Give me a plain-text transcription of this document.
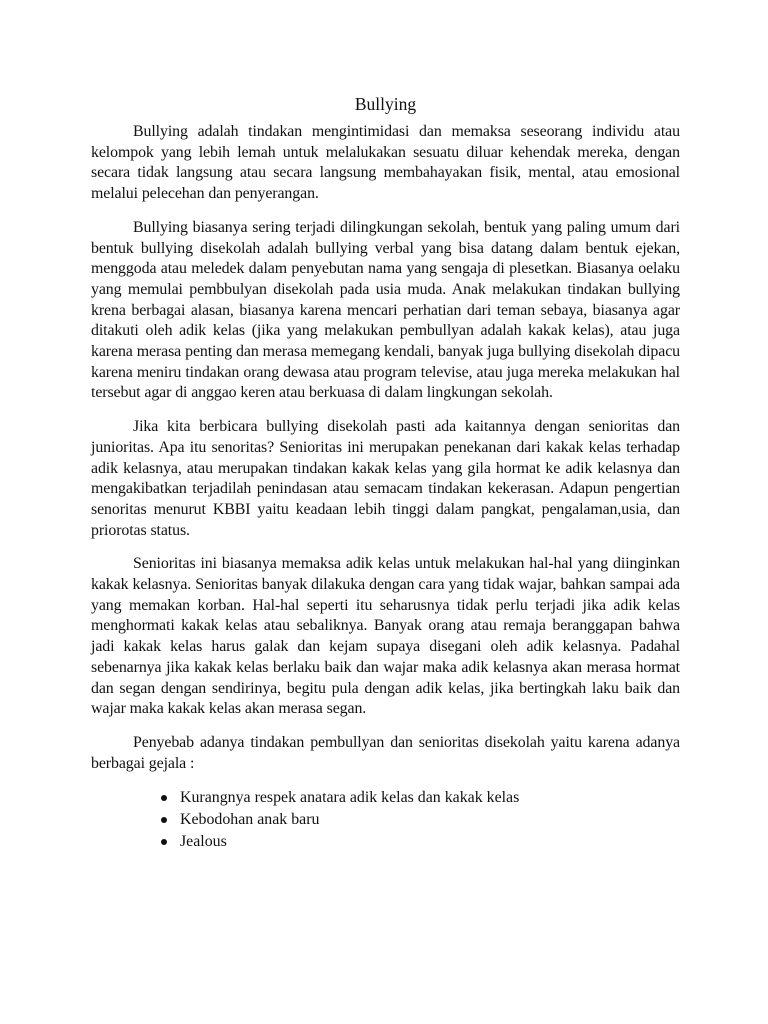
Bullying

Bullying adalah tindakan mengintimidasi dan memaksa seseorang individu atau kelompok yang lebih lemah untuk melalukakan sesuatu diluar kehendak mereka, dengan secara tidak langsung atau secara langsung membahayakan fisik, mental, atau emosional melalui pelecehan dan penyerangan.

Bullying biasanya sering terjadi dilingkungan sekolah, bentuk yang paling umum dari bentuk bullying disekolah adalah bullying verbal yang bisa datang dalam bentuk ejekan, menggoda atau meledek dalam penyebutan nama yang sengaja di plesetkan. Biasanya oelaku yang memulai pembbulyan disekolah pada usia muda. Anak melakukan tindakan bullying krena berbagai alasan, biasanya karena mencari perhatian dari teman sebaya, biasanya agar ditakuti oleh adik kelas (jika yang melakukan pembullyan adalah kakak kelas), atau juga karena merasa penting dan merasa memegang kendali, banyak juga bullying disekolah dipacu karena meniru tindakan orang dewasa atau program televise, atau juga mereka melakukan hal tersebut agar di anggao keren atau berkuasa di dalam lingkungan sekolah.

Jika kita berbicara bullying disekolah pasti ada kaitannya dengan senioritas dan junioritas. Apa itu senoritas? Senioritas ini merupakan penekanan dari kakak kelas terhadap adik kelasnya, atau merupakan tindakan kakak kelas yang gila hormat ke adik kelasnya dan mengakibatkan terjadilah penindasan atau semacam tindakan kekerasan. Adapun pengertian senoritas menurut KBBI yaitu keadaan lebih tinggi dalam pangkat, pengalaman,usia, dan priorotas status.

Senioritas ini biasanya memaksa adik kelas untuk melakukan hal-hal yang diinginkan kakak kelasnya. Senioritas banyak dilakuka dengan cara yang tidak wajar, bahkan sampai ada yang memakan korban. Hal-hal seperti itu seharusnya tidak perlu terjadi jika adik kelas menghormati kakak kelas atau sebaliknya. Banyak orang atau remaja beranggapan bahwa jadi kakak kelas harus galak dan kejam supaya disegani oleh adik kelasnya. Padahal sebenarnya jika kakak kelas berlaku baik dan wajar maka adik kelasnya akan merasa hormat dan segan dengan sendirinya, begitu pula dengan adik kelas, jika bertingkah laku baik dan wajar maka kakak kelas akan merasa segan.

Penyebab adanya tindakan pembullyan dan senioritas disekolah yaitu karena adanya berbagai gejala :

Kurangnya respek anatara adik kelas dan kakak kelas
Kebodohan anak baru
Jealous
